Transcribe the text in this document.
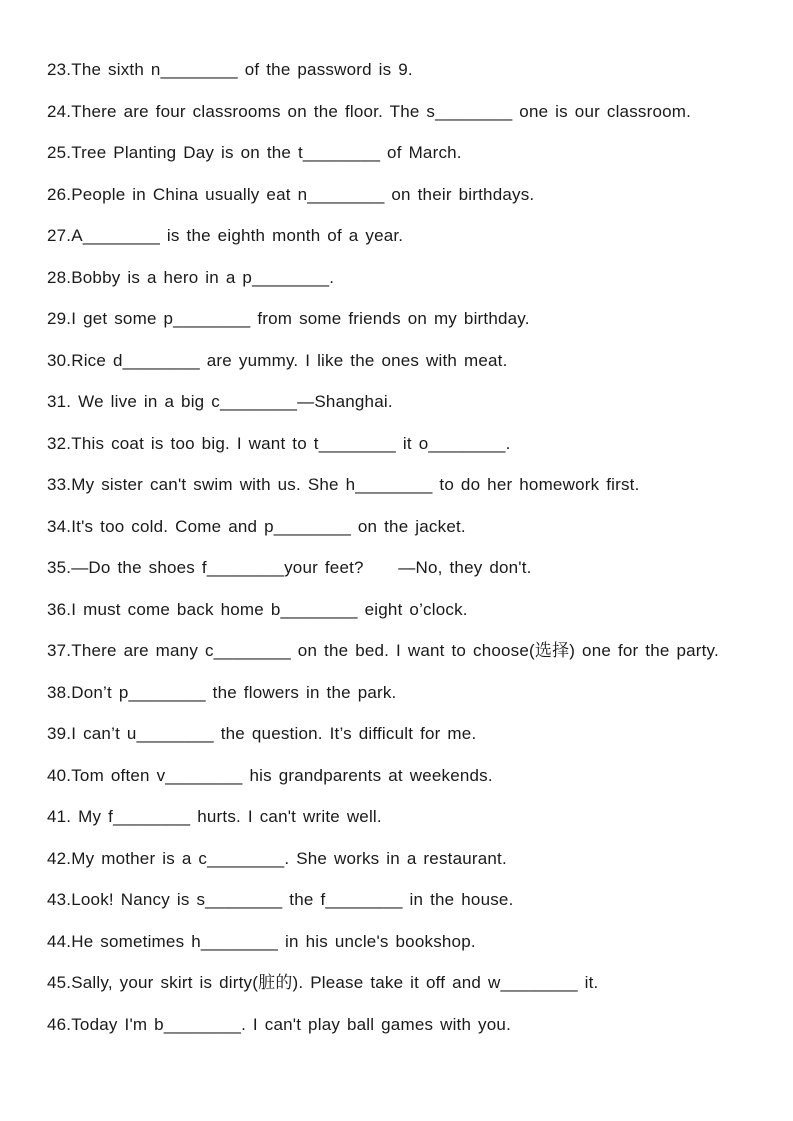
23.The sixth n________ of the password is 9.
24.There are four classrooms on the floor. The s________ one is our classroom.
25.Tree Planting Day is on the t________ of March.
26.People in China usually eat n________ on their birthdays.
27.A________ is the eighth month of a year.
28.Bobby is a hero in a p________.
29.I get some p________ from some friends on my birthday.
30.Rice d________ are yummy. I like the ones with meat.
31. We live in a big c________—Shanghai.
32.This coat is too big. I want to t________ it o________.
33.My sister can't swim with us. She h________ to do her homework first.
34.It's too cold. Come and p________ on the jacket.
35.—Do the shoes f________your feet?     —No, they don't.
36.I must come back home b________ eight o’clock.
37.There are many c________ on the bed. I want to choose(选择) one for the party.
38.Don’t p________ the flowers in the park.
39.I can’t u________ the question. It’s difficult for me.
40.Tom often v________ his grandparents at weekends.
41. My f________ hurts. I can't write well.
42.My mother is a c________. She works in a restaurant.
43.Look! Nancy is s________ the f________ in the house.
44.He sometimes h________ in his uncle's bookshop.
45.Sally, your skirt is dirty(脏的). Please take it off and w________ it.
46.Today I'm b________. I can't play ball games with you.
